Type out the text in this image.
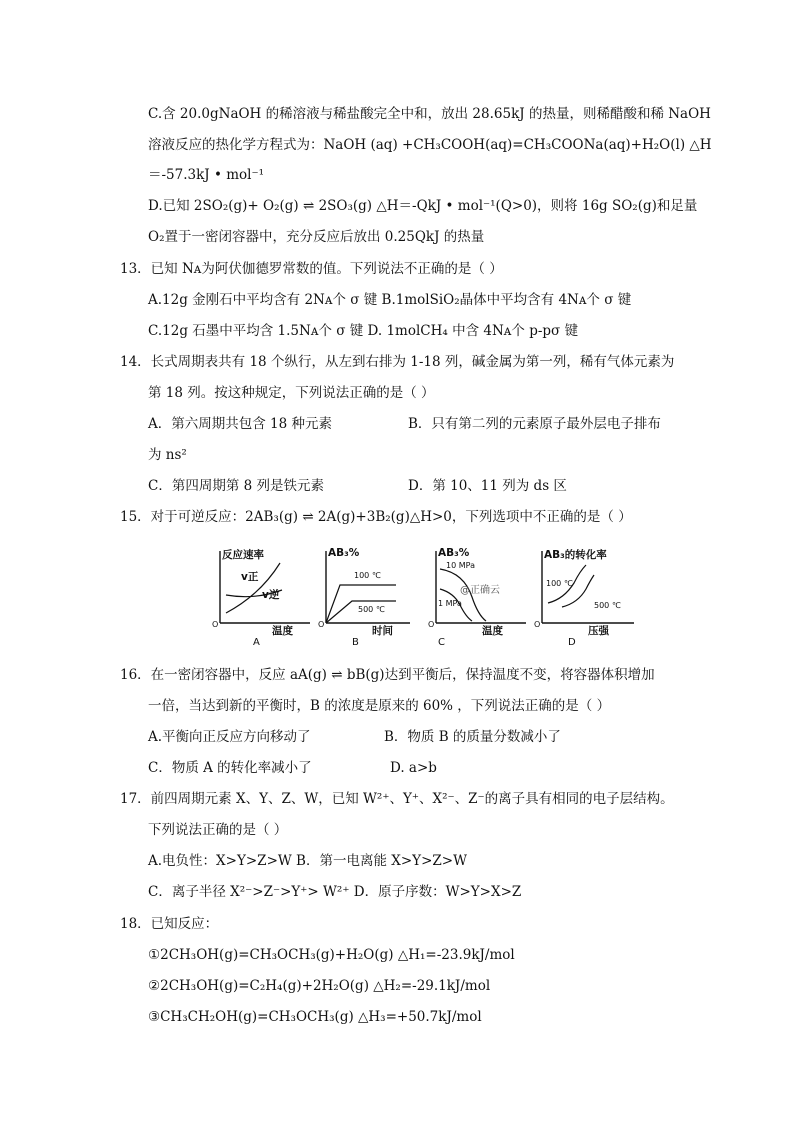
C.含 20.0gNaOH 的稀溶液与稀盐酸完全中和，放出 28.65kJ 的热量，则稀醋酸和稀 NaOH
溶液反应的热化学方程式为：NaOH (aq) +CH₃COOH(aq)=CH₃COONa(aq)+H₂O(l) △H
＝-57.3kJ • mol⁻¹
D.已知 2SO₂(g)+ O₂(g) ⇌ 2SO₃(g) △H＝-QkJ • mol⁻¹(Q>0)，则将 16g SO₂(g)和足量
O₂置于一密闭容器中，充分反应后放出 0.25QkJ 的热量
13．已知 Nᴀ为阿伏伽德罗常数的值。下列说法不正确的是（ ）
A.12g 金刚石中平均含有 2Nᴀ个 σ 键 B.1molSiO₂晶体中平均含有 4Nᴀ个 σ 键
C.12g 石墨中平均含 1.5Nᴀ个 σ 键 D. 1molCH₄ 中含 4Nᴀ个 p-pσ 键
14．长式周期表共有 18 个纵行，从左到右排为 1-18 列，碱金属为第一列，稀有气体元素为
第 18 列。按这种规定，下列说法正确的是（ ）
A．第六周期共包含 18 种元素	B．只有第二列的元素原子最外层电子排布
为 ns²
C．第四周期第 8 列是铁元素	D．第 10、11 列为 ds 区
15．对于可逆反应：2AB₃(g) ⇌ 2A(g)+3B₂(g)△H>0，下列选项中不正确的是（ ）
反应速率
v正
v逆
O
温度
A
AB₃%
100 ℃
500 ℃
O
时间
B
AB₃%
10 MPa
1 MPa
@正确云
O
温度
C
AB₃的转化率
100 ℃
500 ℃
O
压强
D
16．在一密闭容器中，反应 aA(g) ⇌ bB(g)达到平衡后，保持温度不变，将容器体积增加
一倍，当达到新的平衡时，B 的浓度是原来的 60% ，下列说法正确的是（ ）
A.平衡向正反应方向移动了	B．物质 B 的质量分数减小了
C．物质 A 的转化率减小了	D. a>b
17．前四周期元素 X、Y、Z、W，已知 W²⁺、Y⁺、X²⁻、Z⁻的离子具有相同的电子层结构。
下列说法正确的是（ ）
A.电负性：X>Y>Z>W B．第一电离能 X>Y>Z>W
C．离子半径 X²⁻>Z⁻>Y⁺> W²⁺ D．原子序数：W>Y>X>Z
18．已知反应：
①2CH₃OH(g)=CH₃OCH₃(g)+H₂O(g) △H₁=-23.9kJ/mol
②2CH₃OH(g)=C₂H₄(g)+2H₂O(g) △H₂=-29.1kJ/mol
③CH₃CH₂OH(g)=CH₃OCH₃(g) △H₃=+50.7kJ/mol
